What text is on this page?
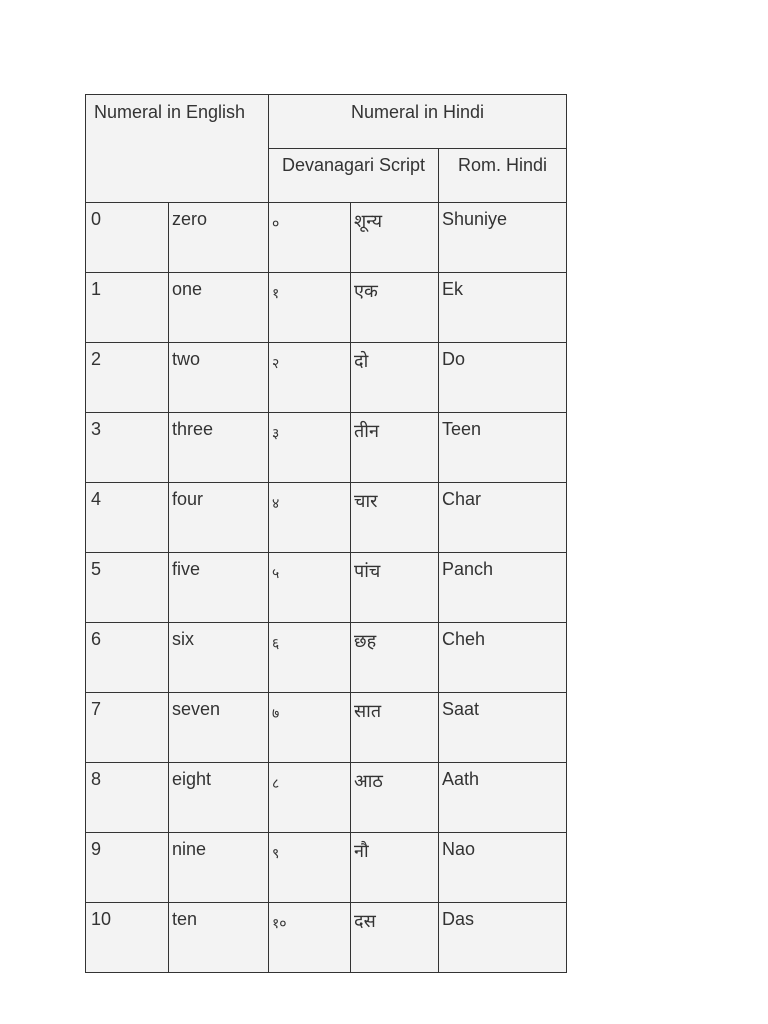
Numeral in English		Numeral in Hindi		
		Devanagari Script		Rom. Hindi
0	zero	०	शून्य	Shuniye
1	one	१	एक	Ek
2	two	२	दो	Do
3	three	३	तीन	Teen
4	four	४	चार	Char
5	five	५	पांच	Panch
6	six	६	छह	Cheh
7	seven	७	सात	Saat
8	eight	८	आठ	Aath
9	nine	९	नौ	Nao
10	ten	१०	दस	Das
